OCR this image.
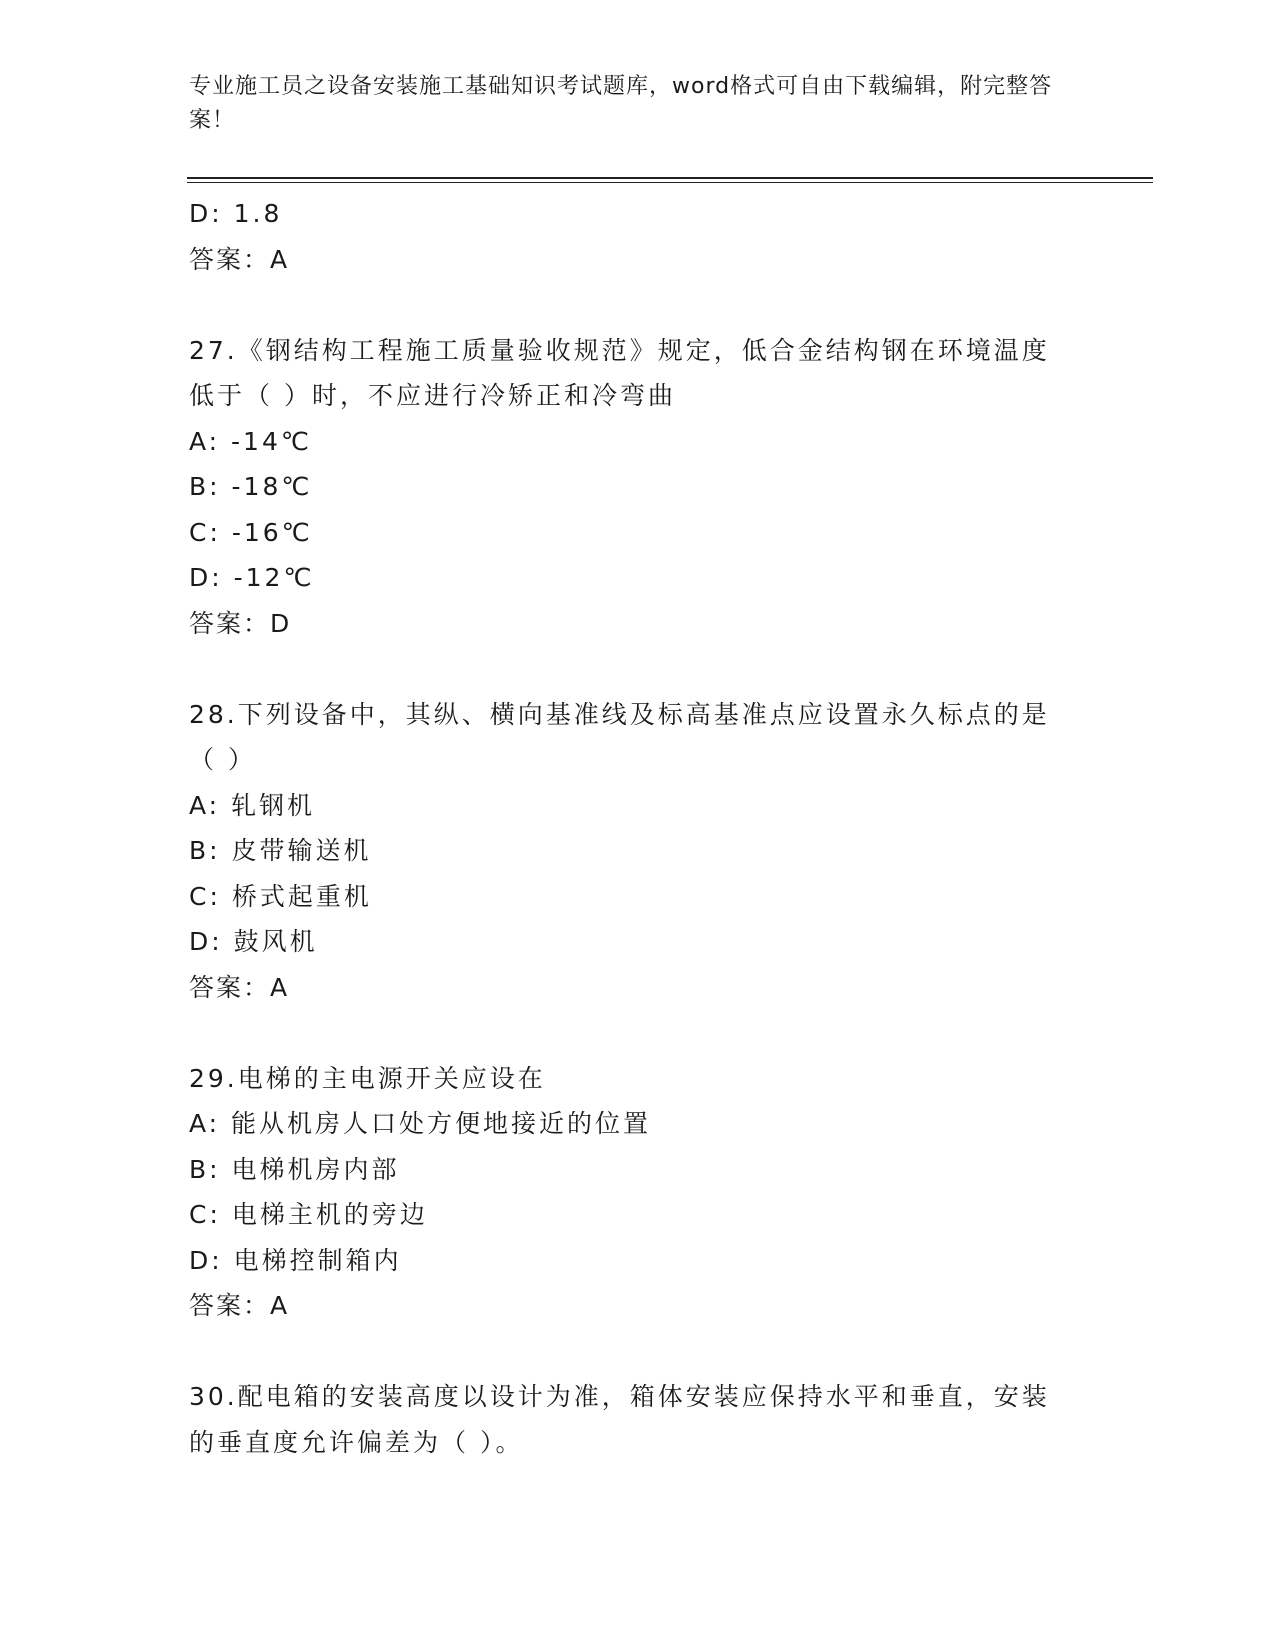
专业施工员之设备安装施工基础知识考试题库，word格式可自由下载编辑，附完整答案！
D: 1.8
答案：A
27.《钢结构工程施工质量验收规范》规定，低合金结构钢在环境温度
低于（ ）时，不应进行冷矫正和冷弯曲
A: -14℃
B: -18℃
C: -16℃
D: -12℃
答案：D
28.下列设备中，其纵、横向基准线及标高基准点应设置永久标点的是
（ ）
A: 轧钢机
B: 皮带输送机
C: 桥式起重机
D: 鼓风机
答案：A
29.电梯的主电源开关应设在
A: 能从机房人口处方便地接近的位置
B: 电梯机房内部
C: 电梯主机的旁边
D: 电梯控制箱内
答案：A
30.配电箱的安装高度以设计为准，箱体安装应保持水平和垂直，安装
的垂直度允许偏差为（ ）。
